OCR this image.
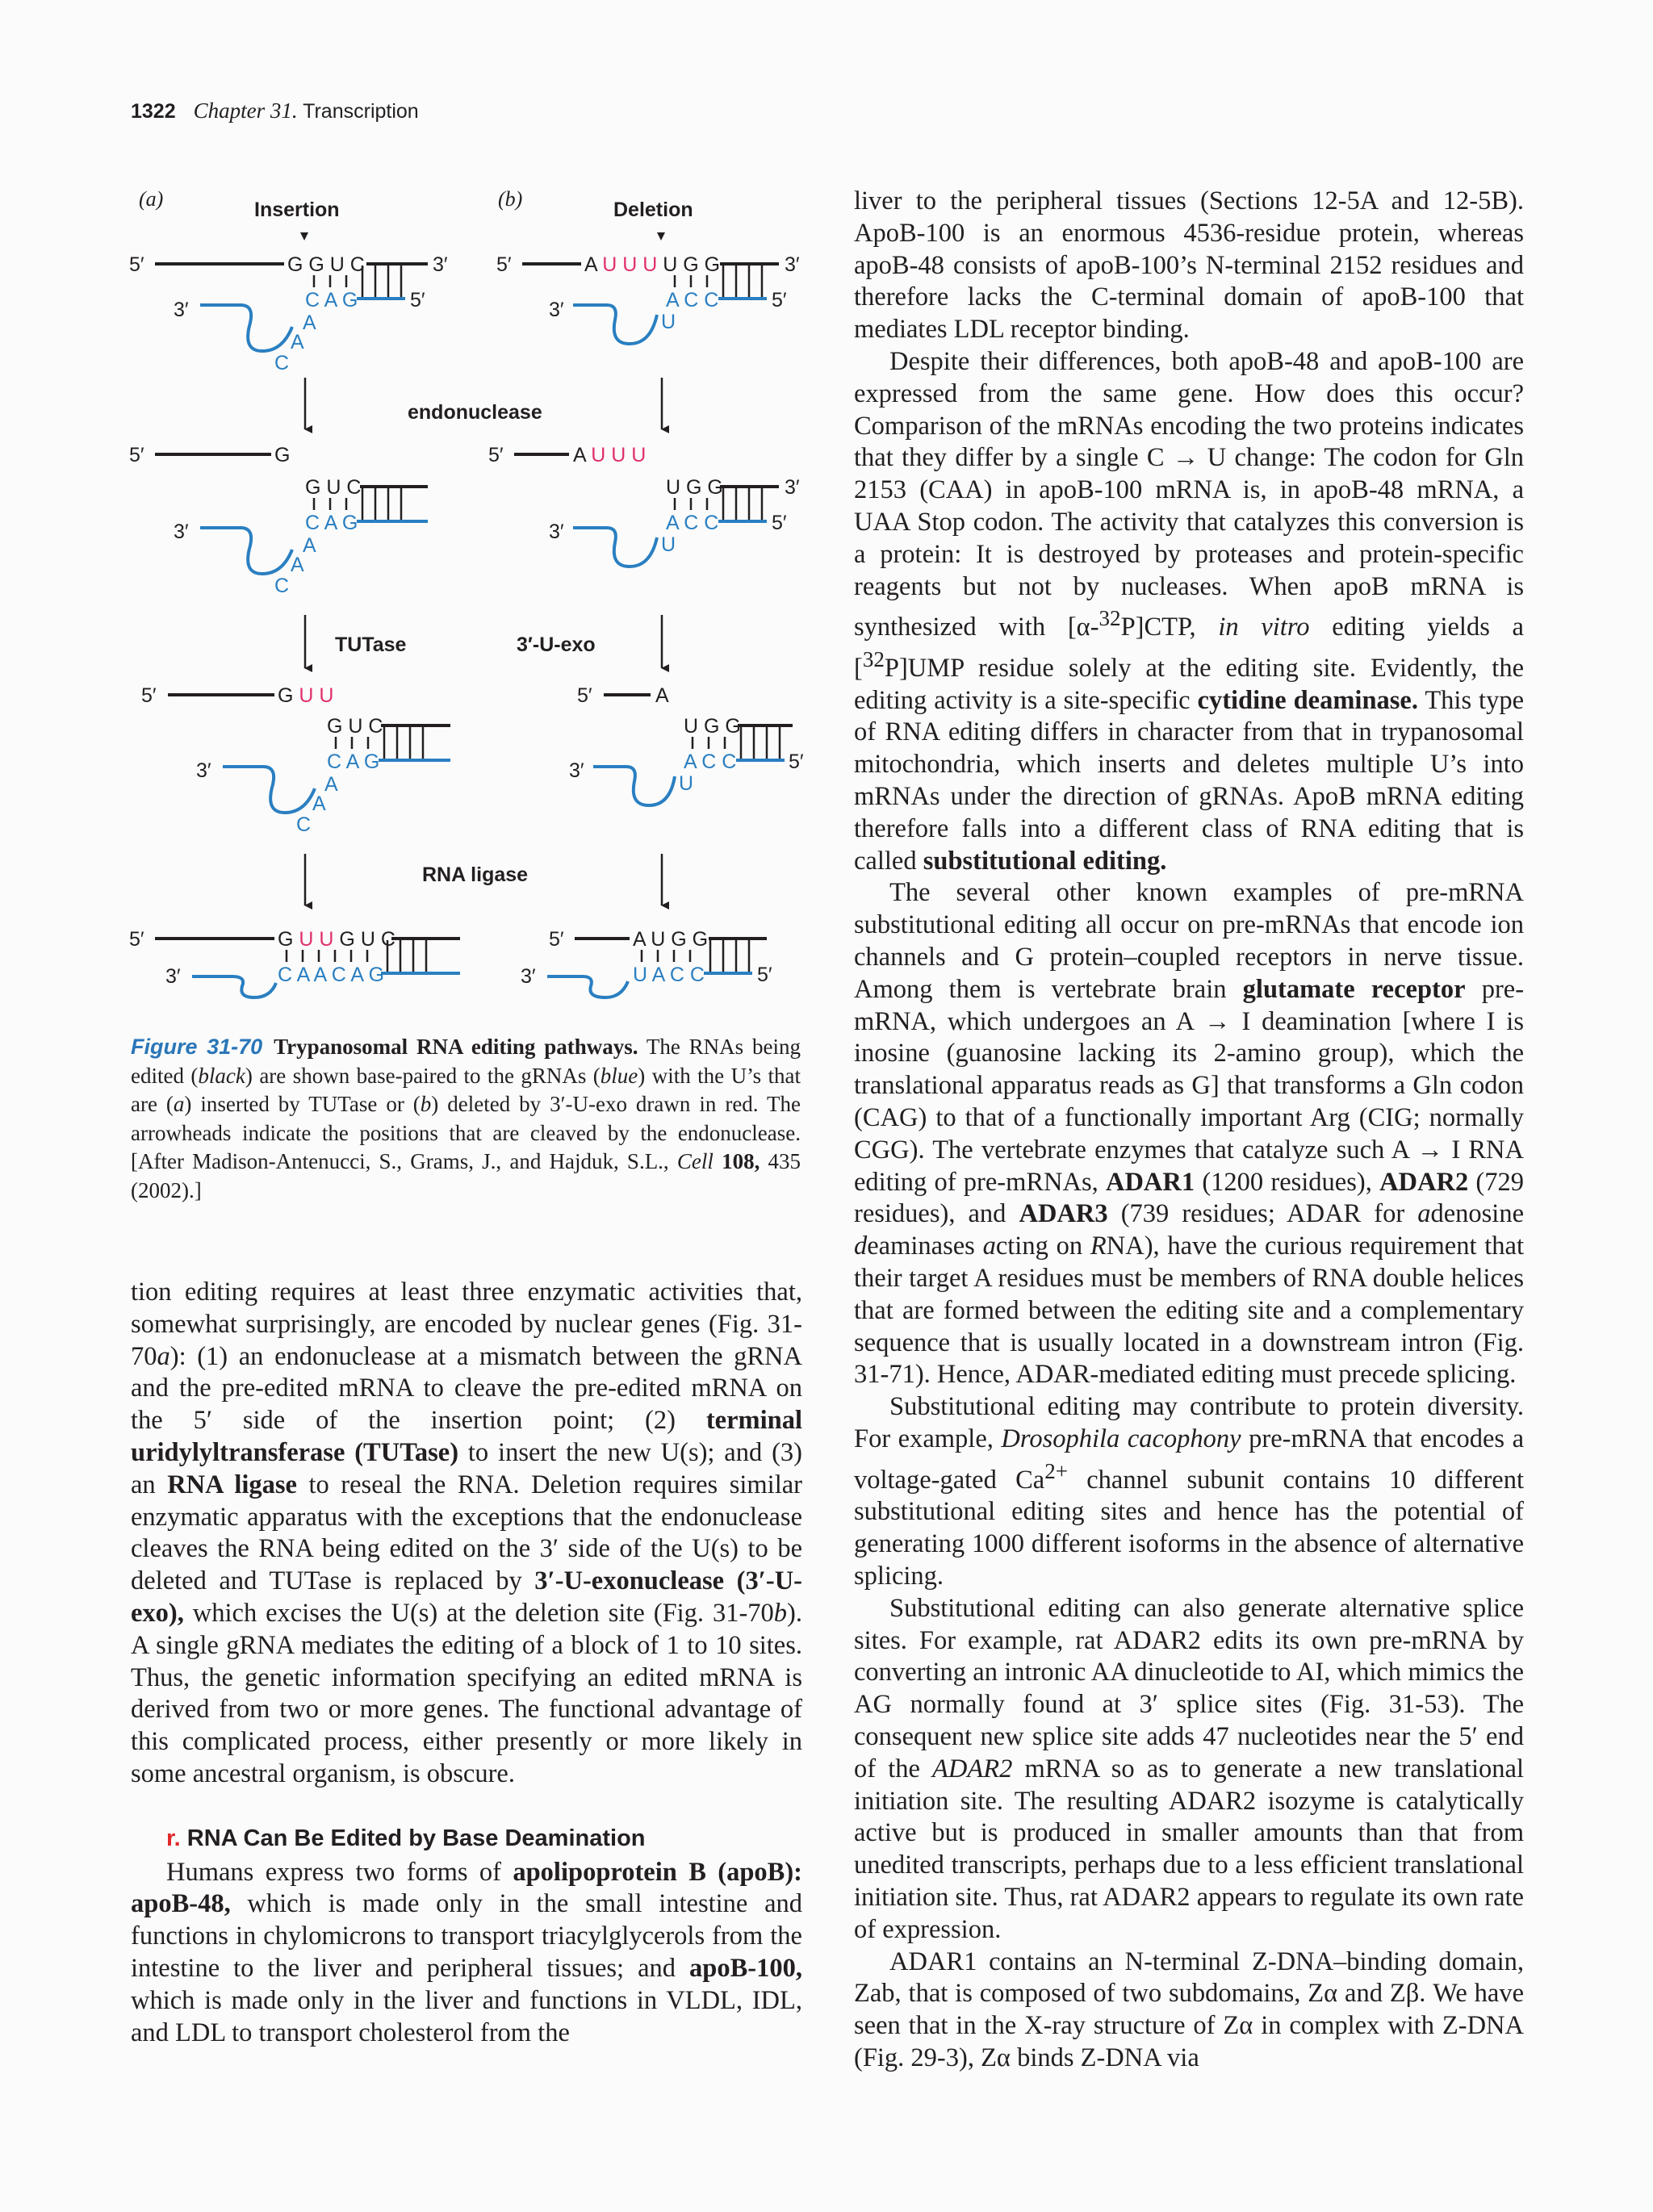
1322 Chapter 31. Transcription
(a)	Insertion	(b)	Deletion
5′	G G U C	3′
3′	C A G	5′
A
A
C
endonuclease
5′	G
G U C
3′	C A G
A
A
C
TUTase	3′-U-exo
5′	G U U
G U C
3′	C A G
A
A
C
RNA ligase
5′	G U U G U C
3′	C A A C A G
5′	A U U U U G G	3′
3′	A C C	5′
U
5′	A U U U
U G G	3′
3′	A C C	5′
U
5′	A
U G G
3′	A C C	5′
U
5′	A U G G
3′	U A C C	5′
Figure 31-70 Trypanosomal RNA editing pathways. The RNAs being edited (black) are shown base-paired to the gRNAs (blue) with the U’s that are (a) inserted by TUTase or (b) deleted by 3′-U-exo drawn in red. The arrowheads indicate the positions that are cleaved by the endonuclease. [After Madison-Antenucci, S., Grams, J., and Hajduk, S.L., Cell 108, 435 (2002).]

tion editing requires at least three enzymatic activities that, somewhat surprisingly, are encoded by nuclear genes (Fig. 31-70a): (1) an endonuclease at a mismatch between the gRNA and the pre-edited mRNA to cleave the pre-edited mRNA on the 5′ side of the insertion point; (2) terminal uridylyltransferase (TUTase) to insert the new U(s); and (3) an RNA ligase to reseal the RNA. Deletion requires similar enzymatic apparatus with the exceptions that the endonuclease cleaves the RNA being edited on the 3′ side of the U(s) to be deleted and TUTase is replaced by 3′-U-exonuclease (3′-U-exo), which excises the U(s) at the deletion site (Fig. 31-70b). A single gRNA mediates the editing of a block of 1 to 10 sites. Thus, the genetic information specifying an edited mRNA is derived from two or more genes. The functional advantage of this complicated process, either presently or more likely in some ancestral organism, is obscure.

r. RNA Can Be Edited by Base Deamination

Humans express two forms of apolipoprotein B (apoB): apoB-48, which is made only in the small intestine and functions in chylomicrons to transport triacylglycerols from the intestine to the liver and peripheral tissues; and apoB-100, which is made only in the liver and functions in VLDL, IDL, and LDL to transport cholesterol from the

liver to the peripheral tissues (Sections 12-5A and 12-5B). ApoB-100 is an enormous 4536-residue protein, whereas apoB-48 consists of apoB-100’s N-terminal 2152 residues and therefore lacks the C-terminal domain of apoB-100 that mediates LDL receptor binding.

Despite their differences, both apoB-48 and apoB-100 are expressed from the same gene. How does this occur? Comparison of the mRNAs encoding the two proteins indicates that they differ by a single C → U change: The codon for Gln 2153 (CAA) in apoB-100 mRNA is, in apoB-48 mRNA, a UAA Stop codon. The activity that catalyzes this conversion is a protein: It is destroyed by proteases and protein-specific reagents but not by nucleases. When apoB mRNA is synthesized with [α-$^{32}$P]CTP, in vitro editing yields a [$^{32}$P]UMP residue solely at the editing site. Evidently, the editing activity is a site-specific cytidine deaminase. This type of RNA editing differs in character from that in trypanosomal mitochondria, which inserts and deletes multiple U’s into mRNAs under the direction of gRNAs. ApoB mRNA editing therefore falls into a different class of RNA editing that is called substitutional editing.

The several other known examples of pre-mRNA substitutional editing all occur on pre-mRNAs that encode ion channels and G protein–coupled receptors in nerve tissue. Among them is vertebrate brain glutamate receptor pre-mRNA, which undergoes an A → I deamination [where I is inosine (guanosine lacking its 2-amino group), which the translational apparatus reads as G] that transforms a Gln codon (CAG) to that of a functionally important Arg (CIG; normally CGG). The vertebrate enzymes that catalyze such A → I RNA editing of pre-mRNAs, ADAR1 (1200 residues), ADAR2 (729 residues), and ADAR3 (739 residues; ADAR for adenosine deaminases acting on RNA), have the curious requirement that their target A residues must be members of RNA double helices that are formed between the editing site and a complementary sequence that is usually located in a downstream intron (Fig. 31-71). Hence, ADAR-mediated editing must precede splicing.

Substitutional editing may contribute to protein diversity. For example, Drosophila cacophony pre-mRNA that encodes a voltage-gated $Ca^{2+}$ channel subunit contains 10 different substitutional editing sites and hence has the potential of generating 1000 different isoforms in the absence of alternative splicing.

Substitutional editing can also generate alternative splice sites. For example, rat ADAR2 edits its own pre-mRNA by converting an intronic AA dinucleotide to AI, which mimics the AG normally found at 3′ splice sites (Fig. 31-53). The consequent new splice site adds 47 nucleotides near the 5′ end of the ADAR2 mRNA so as to generate a new translational initiation site. The resulting ADAR2 isozyme is catalytically active but is produced in smaller amounts than that from unedited transcripts, perhaps due to a less efficient translational initiation site. Thus, rat ADAR2 appears to regulate its own rate of expression.

ADAR1 contains an N-terminal Z-DNA–binding domain, Zab, that is composed of two subdomains, Zα and Zβ. We have seen that in the X-ray structure of Zα in complex with Z-DNA (Fig. 29-3), Zα binds Z-DNA via
